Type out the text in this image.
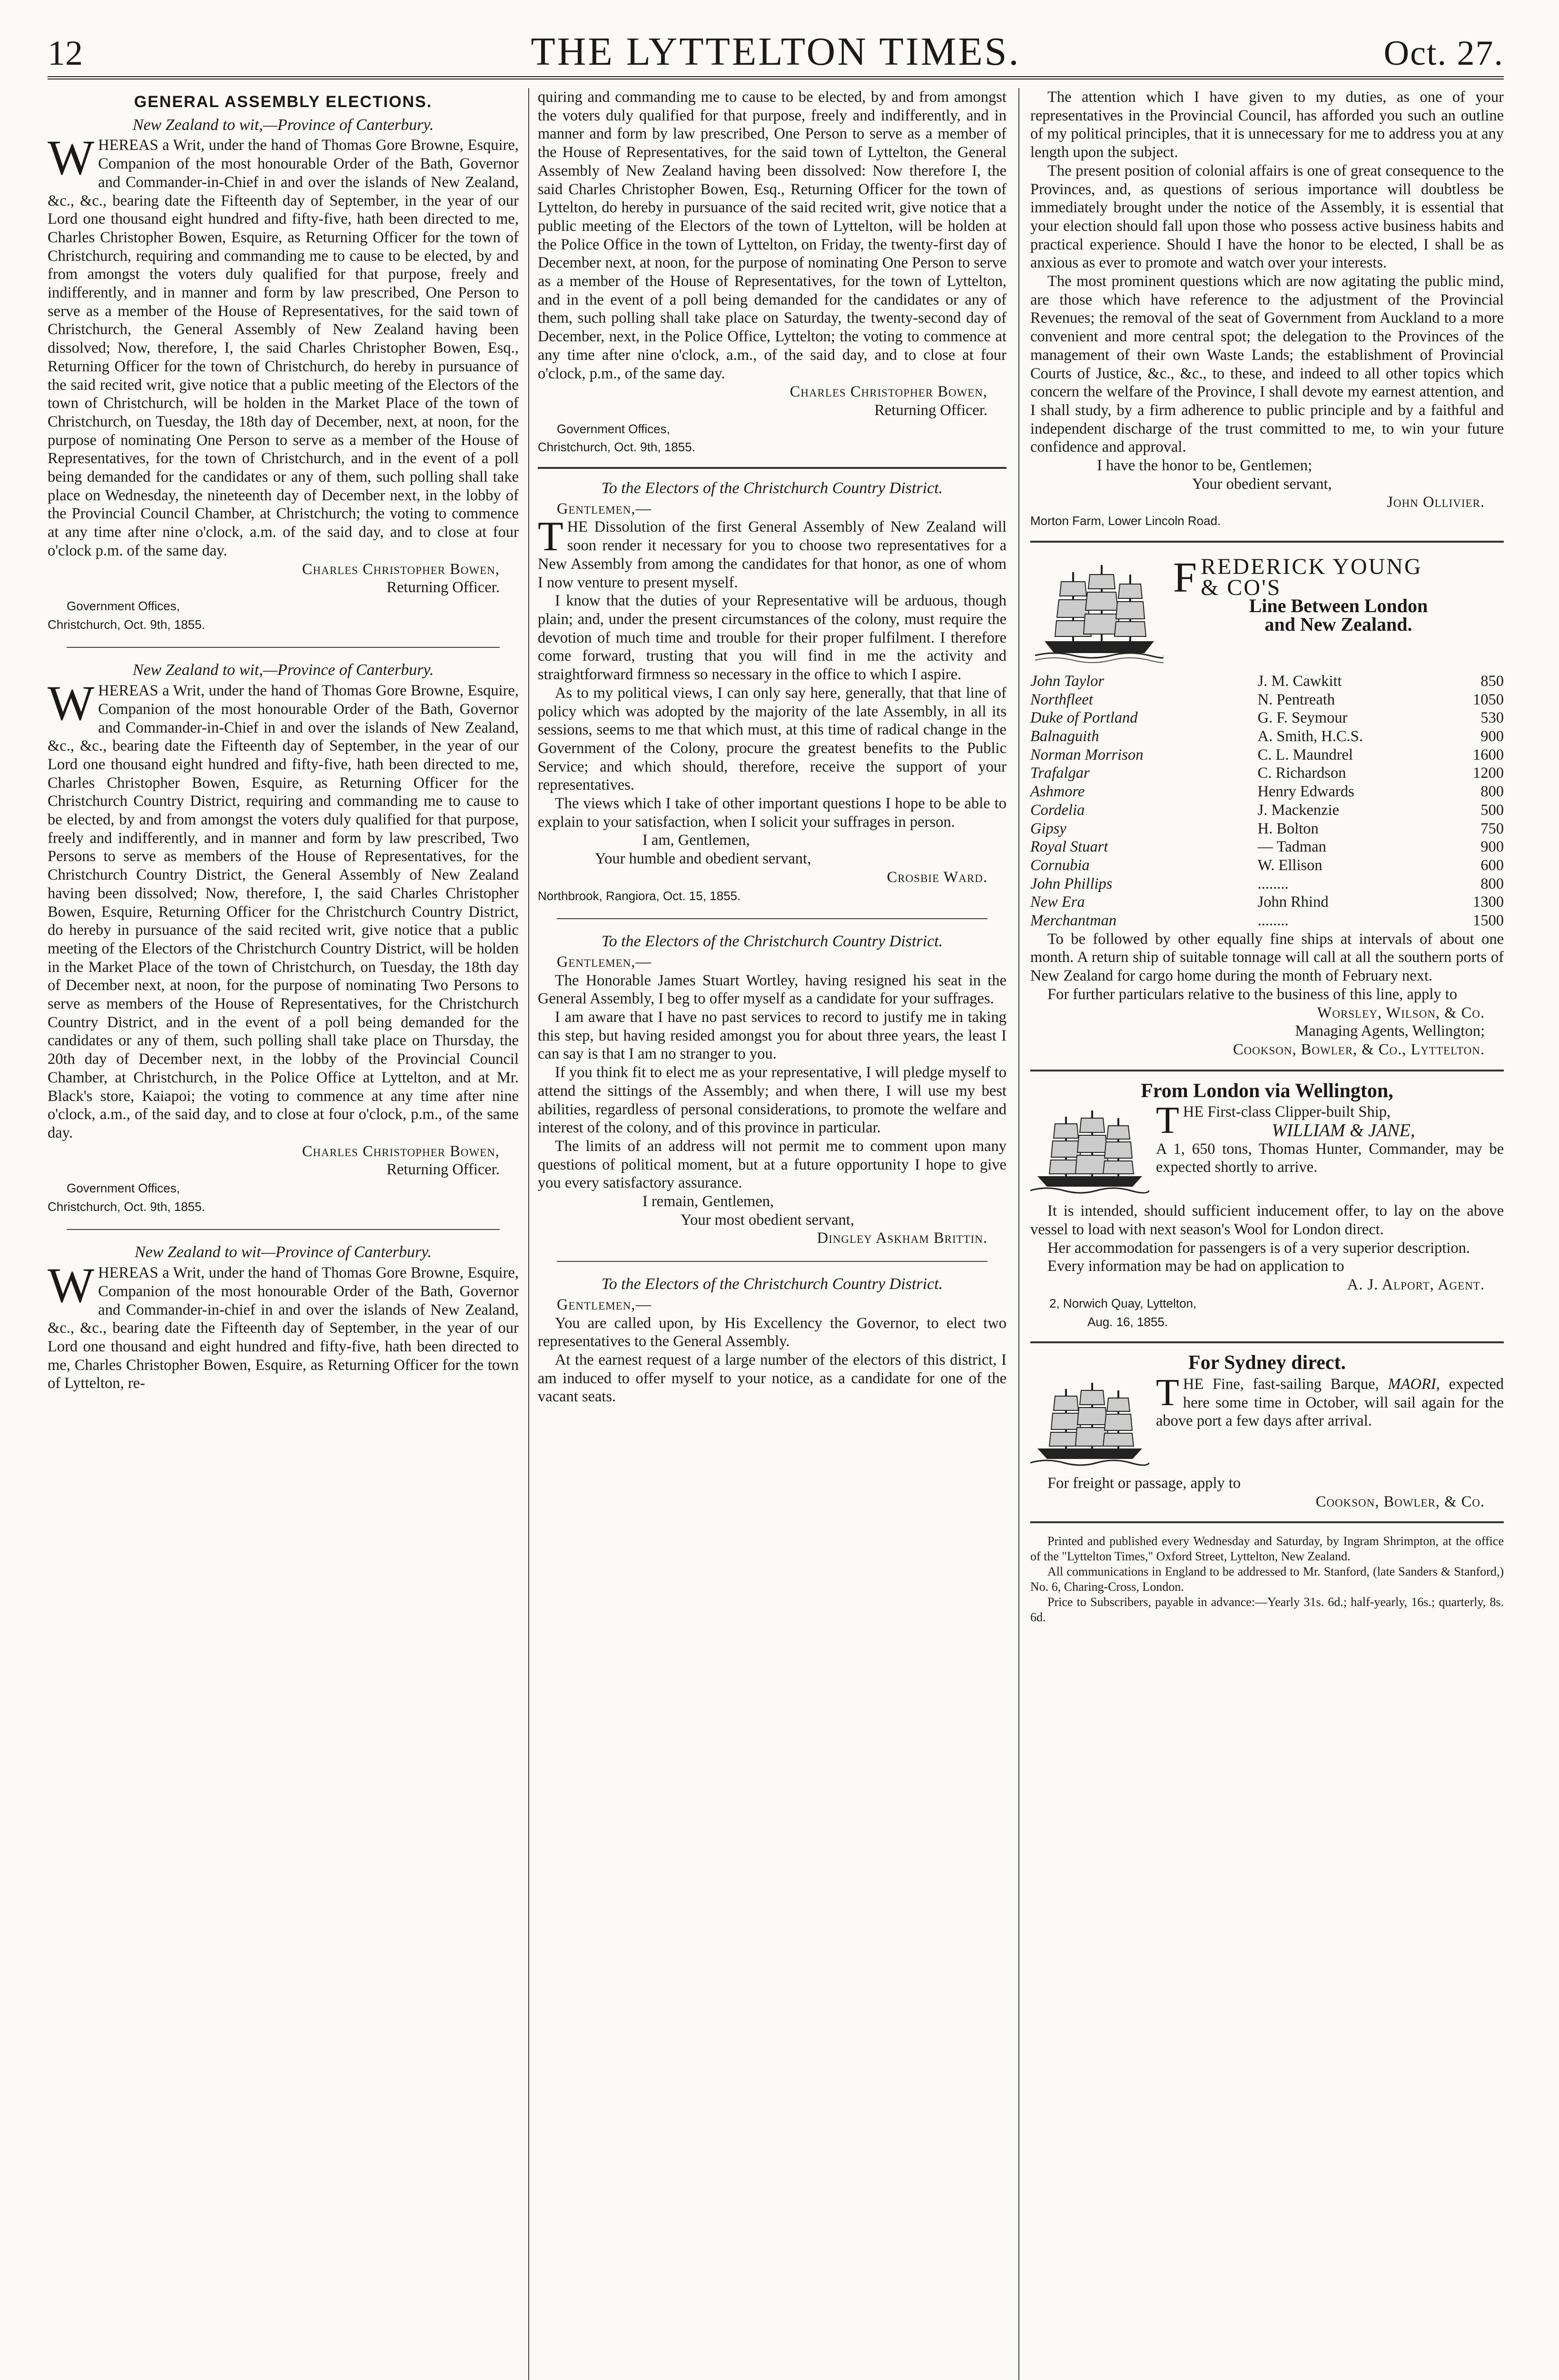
12	THE LYTTELTON TIMES.	Oct. 27.
GENERAL ASSEMBLY ELECTIONS.
New Zealand to wit,—Province of Canterbury.

WHEREAS a Writ, under the hand of Thomas Gore Browne, Esquire, Companion of the most honourable Order of the Bath, Governor and Commander-in-Chief in and over the islands of New Zealand, &c., &c., bearing date the Fifteenth day of September, in the year of our Lord one thousand eight hundred and fifty-five, hath been directed to me, Charles Christopher Bowen, Esquire, as Returning Officer for the town of Christchurch, requiring and commanding me to cause to be elected, by and from amongst the voters duly qualified for that purpose, freely and indifferently, and in manner and form by law prescribed, One Person to serve as a member of the House of Representatives, for the said town of Christchurch, the General Assembly of New Zealand having been dissolved; Now, therefore, I, the said Charles Christopher Bowen, Esq., Returning Officer for the town of Christchurch, do hereby in pursuance of the said recited writ, give notice that a public meeting of the Electors of the town of Christchurch, will be holden in the Market Place of the town of Christchurch, on Tuesday, the 18th day of December, next, at noon, for the purpose of nominating One Person to serve as a member of the House of Representatives, for the town of Christchurch, and in the event of a poll being demanded for the candidates or any of them, such polling shall take place on Wednesday, the nineteenth day of December next, in the lobby of the Provincial Council Chamber, at Christchurch; the voting to commence at any time after nine o'clock, a.m. of the said day, and to close at four o'clock p.m. of the same day.

Charles Christopher Bowen,
Returning Officer.
Government Offices,
Christchurch, Oct. 9th, 1855.
New Zealand to wit,—Province of Canterbury.

WHEREAS a Writ, under the hand of Thomas Gore Browne, Esquire, Companion of the most honourable Order of the Bath, Governor and Commander-in-Chief in and over the islands of New Zealand, &c., &c., bearing date the Fifteenth day of September, in the year of our Lord one thousand eight hundred and fifty-five, hath been directed to me, Charles Christopher Bowen, Esquire, as Returning Officer for the Christchurch Country District, requiring and commanding me to cause to be elected, by and from amongst the voters duly qualified for that purpose, freely and indifferently, and in manner and form by law prescribed, Two Persons to serve as members of the House of Representatives, for the Christchurch Country District, the General Assembly of New Zealand having been dissolved; Now, therefore, I, the said Charles Christopher Bowen, Esquire, Returning Officer for the Christchurch Country District, do hereby in pursuance of the said recited writ, give notice that a public meeting of the Electors of the Christchurch Country District, will be holden in the Market Place of the town of Christchurch, on Tuesday, the 18th day of December next, at noon, for the purpose of nominating Two Persons to serve as members of the House of Representatives, for the Christchurch Country District, and in the event of a poll being demanded for the candidates or any of them, such polling shall take place on Thursday, the 20th day of December next, in the lobby of the Provincial Council Chamber, at Christchurch, in the Police Office at Lyttelton, and at Mr. Black's store, Kaiapoi; the voting to commence at any time after nine o'clock, a.m., of the said day, and to close at four o'clock, p.m., of the same day.

Charles Christopher Bowen,
Returning Officer.
Government Offices,
Christchurch, Oct. 9th, 1855.
New Zealand to wit—Province of Canterbury.

WHEREAS a Writ, under the hand of Thomas Gore Browne, Esquire, Companion of the most honourable Order of the Bath, Governor and Commander-in-chief in and over the islands of New Zealand, &c., &c., bearing date the Fifteenth day of September, in the year of our Lord one thousand and eight hundred and fifty-five, hath been directed to me, Charles Christopher Bowen, Esquire, as Returning Officer for the town of Lyttelton, re-

quiring and commanding me to cause to be elected, by and from amongst the voters duly qualified for that purpose, freely and indifferently, and in manner and form by law prescribed, One Person to serve as a member of the House of Representatives, for the said town of Lyttelton, the General Assembly of New Zealand having been dissolved: Now therefore I, the said Charles Christopher Bowen, Esq., Returning Officer for the town of Lyttelton, do hereby in pursuance of the said recited writ, give notice that a public meeting of the Electors of the town of Lyttelton, will be holden at the Police Office in the town of Lyttelton, on Friday, the twenty-first day of December next, at noon, for the purpose of nominating One Person to serve as a member of the House of Representatives, for the town of Lyttelton, and in the event of a poll being demanded for the candidates or any of them, such polling shall take place on Saturday, the twenty-second day of December, next, in the Police Office, Lyttelton; the voting to commence at any time after nine o'clock, a.m., of the said day, and to close at four o'clock, p.m., of the same day.

Charles Christopher Bowen,
Returning Officer.
Government Offices,
Christchurch, Oct. 9th, 1855.
To the Electors of the Christchurch Country District.
Gentlemen,—

THE Dissolution of the first General Assembly of New Zealand will soon render it necessary for you to choose two representatives for a New Assembly from among the candidates for that honor, as one of whom I now venture to present myself.

I know that the duties of your Representative will be arduous, though plain; and, under the present circumstances of the colony, must require the devotion of much time and trouble for their proper fulfilment. I therefore come forward, trusting that you will find in me the activity and straightforward firmness so necessary in the office to which I aspire.

As to my political views, I can only say here, generally, that that line of policy which was adopted by the majority of the late Assembly, in all its sessions, seems to me that which must, at this time of radical change in the Government of the Colony, procure the greatest benefits to the Public Service; and which should, therefore, receive the support of your representatives.

The views which I take of other important questions I hope to be able to explain to your satisfaction, when I solicit your suffrages in person.

I am, Gentlemen,

Your humble and obedient servant,

Crosbie Ward.
Northbrook, Rangiora, Oct. 15, 1855.
To the Electors of the Christchurch Country District.
Gentlemen,—

The Honorable James Stuart Wortley, having resigned his seat in the General Assembly, I beg to offer myself as a candidate for your suffrages.

I am aware that I have no past services to record to justify me in taking this step, but having resided amongst you for about three years, the least I can say is that I am no stranger to you.

If you think fit to elect me as your representative, I will pledge myself to attend the sittings of the Assembly; and when there, I will use my best abilities, regardless of personal considerations, to promote the welfare and interest of the colony, and of this province in particular.

The limits of an address will not permit me to comment upon many questions of political moment, but at a future opportunity I hope to give you every satisfactory assurance.

I remain, Gentlemen,

Your most obedient servant,

Dingley Askham Brittin.
To the Electors of the Christchurch Country District.
Gentlemen,—

You are called upon, by His Excellency the Governor, to elect two representatives to the General Assembly.

At the earnest request of a large number of the electors of this district, I am induced to offer myself to your notice, as a candidate for one of the vacant seats.

The attention which I have given to my duties, as one of your representatives in the Provincial Council, has afforded you such an outline of my political principles, that it is unnecessary for me to address you at any length upon the subject.

The present position of colonial affairs is one of great consequence to the Provinces, and, as questions of serious importance will doubtless be immediately brought under the notice of the Assembly, it is essential that your election should fall upon those who possess active business habits and practical experience. Should I have the honor to be elected, I shall be as anxious as ever to promote and watch over your interests.

The most prominent questions which are now agitating the public mind, are those which have reference to the adjustment of the Provincial Revenues; the removal of the seat of Government from Auckland to a more convenient and more central spot; the delegation to the Provinces of the management of their own Waste Lands; the establishment of Provincial Courts of Justice, &c., &c., to these, and indeed to all other topics which concern the welfare of the Province, I shall devote my earnest attention, and I shall study, by a firm adherence to public principle and by a faithful and independent discharge of the trust committed to me, to win your future confidence and approval.

I have the honor to be, Gentlemen;

Your obedient servant,

John Ollivier.
Morton Farm, Lower Lincoln Road.
FREDERICK YOUNG
& CO'S
Line Between London
and New Zealand.
John Taylor	J. M. Cawkitt	850
Northfleet	N. Pentreath	1050
Duke of Portland	G. F. Seymour	530
Balnaguith	A. Smith, H.C.S.	900
Norman Morrison	C. L. Maundrel	1600
Trafalgar	C. Richardson	1200
Ashmore	Henry Edwards	800
Cordelia	J. Mackenzie	500
Gipsy	H. Bolton	750
Royal Stuart	— Tadman	900
Cornubia	W. Ellison	600
John Phillips	........	800
New Era	John Rhind	1300
Merchantman	........	1500

To be followed by other equally fine ships at intervals of about one month. A return ship of suitable tonnage will call at all the southern ports of New Zealand for cargo home during the month of February next.

For further particulars relative to the business of this line, apply to

Worsley, Wilson, & Co.
Managing Agents, Wellington;
Cookson, Bowler, & Co., Lyttelton.
From London via Wellington,

THE First-class Clipper-built Ship,

WILLIAM & JANE,

A 1, 650 tons, Thomas Hunter, Commander, may be expected shortly to arrive.

It is intended, should sufficient inducement offer, to lay on the above vessel to load with next season's Wool for London direct.

Her accommodation for passengers is of a very superior description.

Every information may be had on application to

A. J. Alport, Agent.
2, Norwich Quay, Lyttelton,
Aug. 16, 1855.
For Sydney direct.

THE Fine, fast-sailing Barque, MAORI, expected here some time in October, will sail again for the above port a few days after arrival.

For freight or passage, apply to

Cookson, Bowler, & Co.

Printed and published every Wednesday and Saturday, by Ingram Shrimpton, at the office of the "Lyttelton Times," Oxford Street, Lyttelton, New Zealand.

All communications in England to be addressed to Mr. Stanford, (late Sanders & Stanford,) No. 6, Charing-Cross, London.

Price to Subscribers, payable in advance:—Yearly 31s. 6d.; half-yearly, 16s.; quarterly, 8s. 6d.
